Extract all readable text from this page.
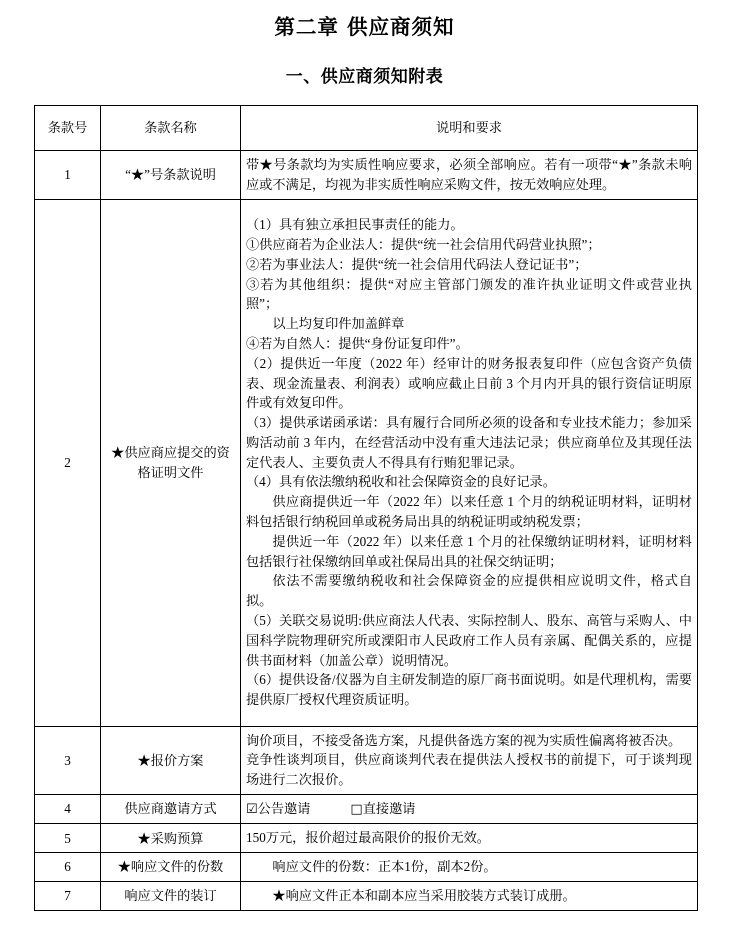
第二章 供应商须知
一、供应商须知附表
条款号	条款名称	说明和要求
1	“★”号条款说明	带★号条款均为实质性响应要求，必须全部响应。若有一项带“★”条款未响应或不满足，均视为非实质性响应采购文件，按无效响应处理。

2	★供应商应提交的资格证明文件	

（1）具有独立承担民事责任的能力。

①供应商若为企业法人：提供“统一社会信用代码营业执照”；

②若为事业法人：提供“统一社会信用代码法人登记证书”；

③若为其他组织：提供“对应主管部门颁发的准许执业证明文件或营业执照”；

以上均复印件加盖鲜章

④若为自然人：提供“身份证复印件”。

（2）提供近一年度（2022 年）经审计的财务报表复印件（应包含资产负债表、现金流量表、利润表）或响应截止日前 3 个月内开具的银行资信证明原件或有效复印件。

（3）提供承诺函承诺：具有履行合同所必须的设备和专业技术能力；参加采购活动前 3 年内，在经营活动中没有重大违法记录；供应商单位及其现任法定代表人、主要负责人不得具有行贿犯罪记录。

（4）具有依法缴纳税收和社会保障资金的良好记录。

供应商提供近一年（2022 年）以来任意 1 个月的纳税证明材料，证明材料包括银行纳税回单或税务局出具的纳税证明或纳税发票；

提供近一年（2022 年）以来任意 1 个月的社保缴纳证明材料，证明材料包括银行社保缴纳回单或社保局出具的社保交纳证明；

依法不需要缴纳税收和社会保障资金的应提供相应说明文件，格式自拟。

（5）关联交易说明:供应商法人代表、实际控制人、股东、高管与采购人、中国科学院物理研究所或溧阳市人民政府工作人员有亲属、配偶关系的，应提供书面材料（加盖公章）说明情况。

（6）提供设备/仪器为自主研发制造的原厂商书面说明。如是代理机构，需要提供原厂授权代理资质证明。

3	★报价方案	询价项目，不接受备选方案，凡提供备选方案的视为实质性偏离将被否决。

竞争性谈判项目，供应商谈判代表在提供法人授权书的前提下，可于谈判现场进行二次报价。

4	供应商邀请方式	☑公告邀请 □直接邀请

5	★采购预算	150万元，报价超过最高限价的报价无效。

6	★响应文件的份数	响应文件的份数：正本1份，副本2份。

7	响应文件的装订	★响应文件正本和副本应当采用胶装方式装订成册。
